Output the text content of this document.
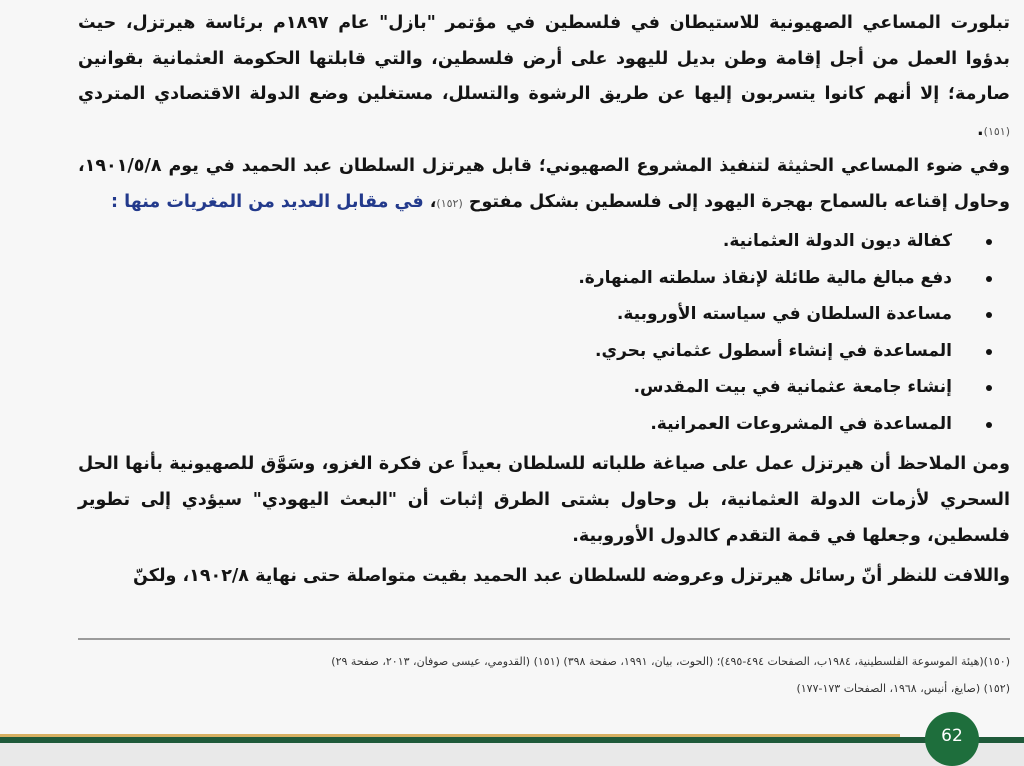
تبلورت المساعي الصهيونية للاستيطان في فلسطين في مؤتمر "بازل" عام ١٨٩٧م برئاسة هيرتزل، حيث بدؤوا العمل من أجل إقامة وطن بديل لليهود على أرض فلسطين، والتي قابلتها الحكومة العثمانية بقوانين صارمة؛ إلا أنهم كانوا يتسربون إليها عن طريق الرشوة والتسلل، مستغلين وضع الدولة الاقتصادي المتردي (١٥١).

وفي ضوء المساعي الحثيثة لتنفيذ المشروع الصهيوني؛ قابل هيرتزل السلطان عبد الحميد في يوم ١٩٠١/٥/٨، وحاول إقناعه بالسماح بهجرة اليهود إلى فلسطين بشكل مفتوح (١٥٢)، في مقابل العديد من المغريات منها :

كفالة ديون الدولة العثمانية.
دفع مبالغ مالية طائلة لإنقاذ سلطته المنهارة.
مساعدة السلطان في سياسته الأوروبية.
المساعدة في إنشاء أسطول عثماني بحري.
إنشاء جامعة عثمانية في بيت المقدس.
المساعدة في المشروعات العمرانية.

ومن الملاحظ أن هيرتزل عمل على صياغة طلباته للسلطان بعيداً عن فكرة الغزو، وسَوَّق للصهيونية بأنها الحل السحري لأزمات الدولة العثمانية، بل وحاول بشتى الطرق إثبات أن "البعث اليهودي" سيؤدي إلى تطوير فلسطين، وجعلها في قمة التقدم كالدول الأوروبية.

واللافت للنظر أنّ رسائل هيرتزل وعروضه للسلطان عبد الحميد بقيت متواصلة حتى نهاية ١٩٠٢/٨، ولكنّ

(١٥٠)(هيئة الموسوعة الفلسطينية، ١٩٨٤ب، الصفحات ٤٩٤-٤٩٥)؛ (الحوت، بيان، ١٩٩١، صفحة ٣٩٨) (١٥١) (القدومي، عيسى صوفان، ٢٠١٣، صفحة ٢٩)
(١٥٢) (صايغ، أنيس، ١٩٦٨، الصفحات ١٧٣-١٧٧)
62
